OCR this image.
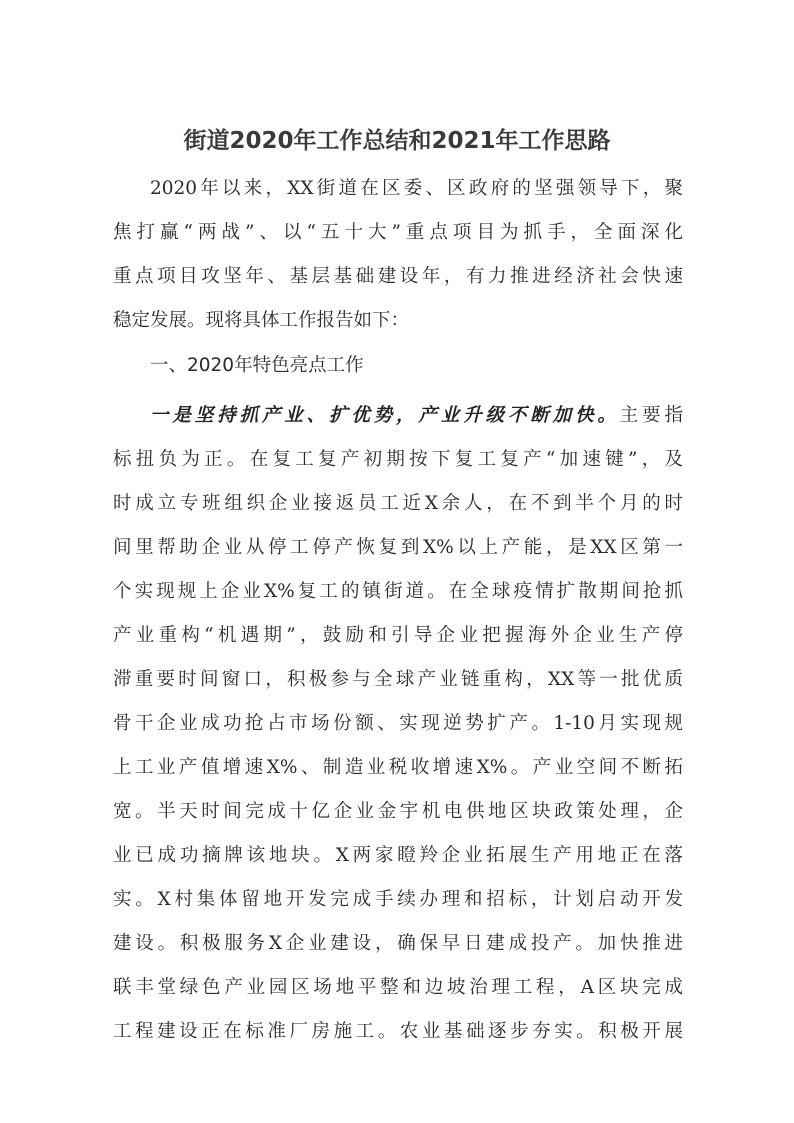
街道2020年工作总结和2021年工作思路
2020年以来，XX街道在区委、区政府的坚强领导下，聚
焦打赢“两战”、以“五十大”重点项目为抓手，全面深化
重点项目攻坚年、基层基础建设年，有力推进经济社会快速
稳定发展。现将具体工作报告如下：
一、2020年特色亮点工作
一是坚持抓产业、扩优势，产业升级不断加快。主要指
标扭负为正。在复工复产初期按下复工复产“加速键”，及
时成立专班组织企业接返员工近X余人，在不到半个月的时
间里帮助企业从停工停产恢复到X%以上产能，是XX区第一
个实现规上企业X%复工的镇街道。在全球疫情扩散期间抢抓
产业重构“机遇期”，鼓励和引导企业把握海外企业生产停
滞重要时间窗口，积极参与全球产业链重构，XX等一批优质
骨干企业成功抢占市场份额、实现逆势扩产。1-10月实现规
上工业产值增速X%、制造业税收增速X%。产业空间不断拓
宽。半天时间完成十亿企业金宇机电供地区块政策处理，企
业已成功摘牌该地块。X两家瞪羚企业拓展生产用地正在落
实。X村集体留地开发完成手续办理和招标，计划启动开发
建设。积极服务X企业建设，确保早日建成投产。加快推进
联丰堂绿色产业园区场地平整和边坡治理工程，A区块完成
工程建设正在标准厂房施工。农业基础逐步夯实。积极开展
